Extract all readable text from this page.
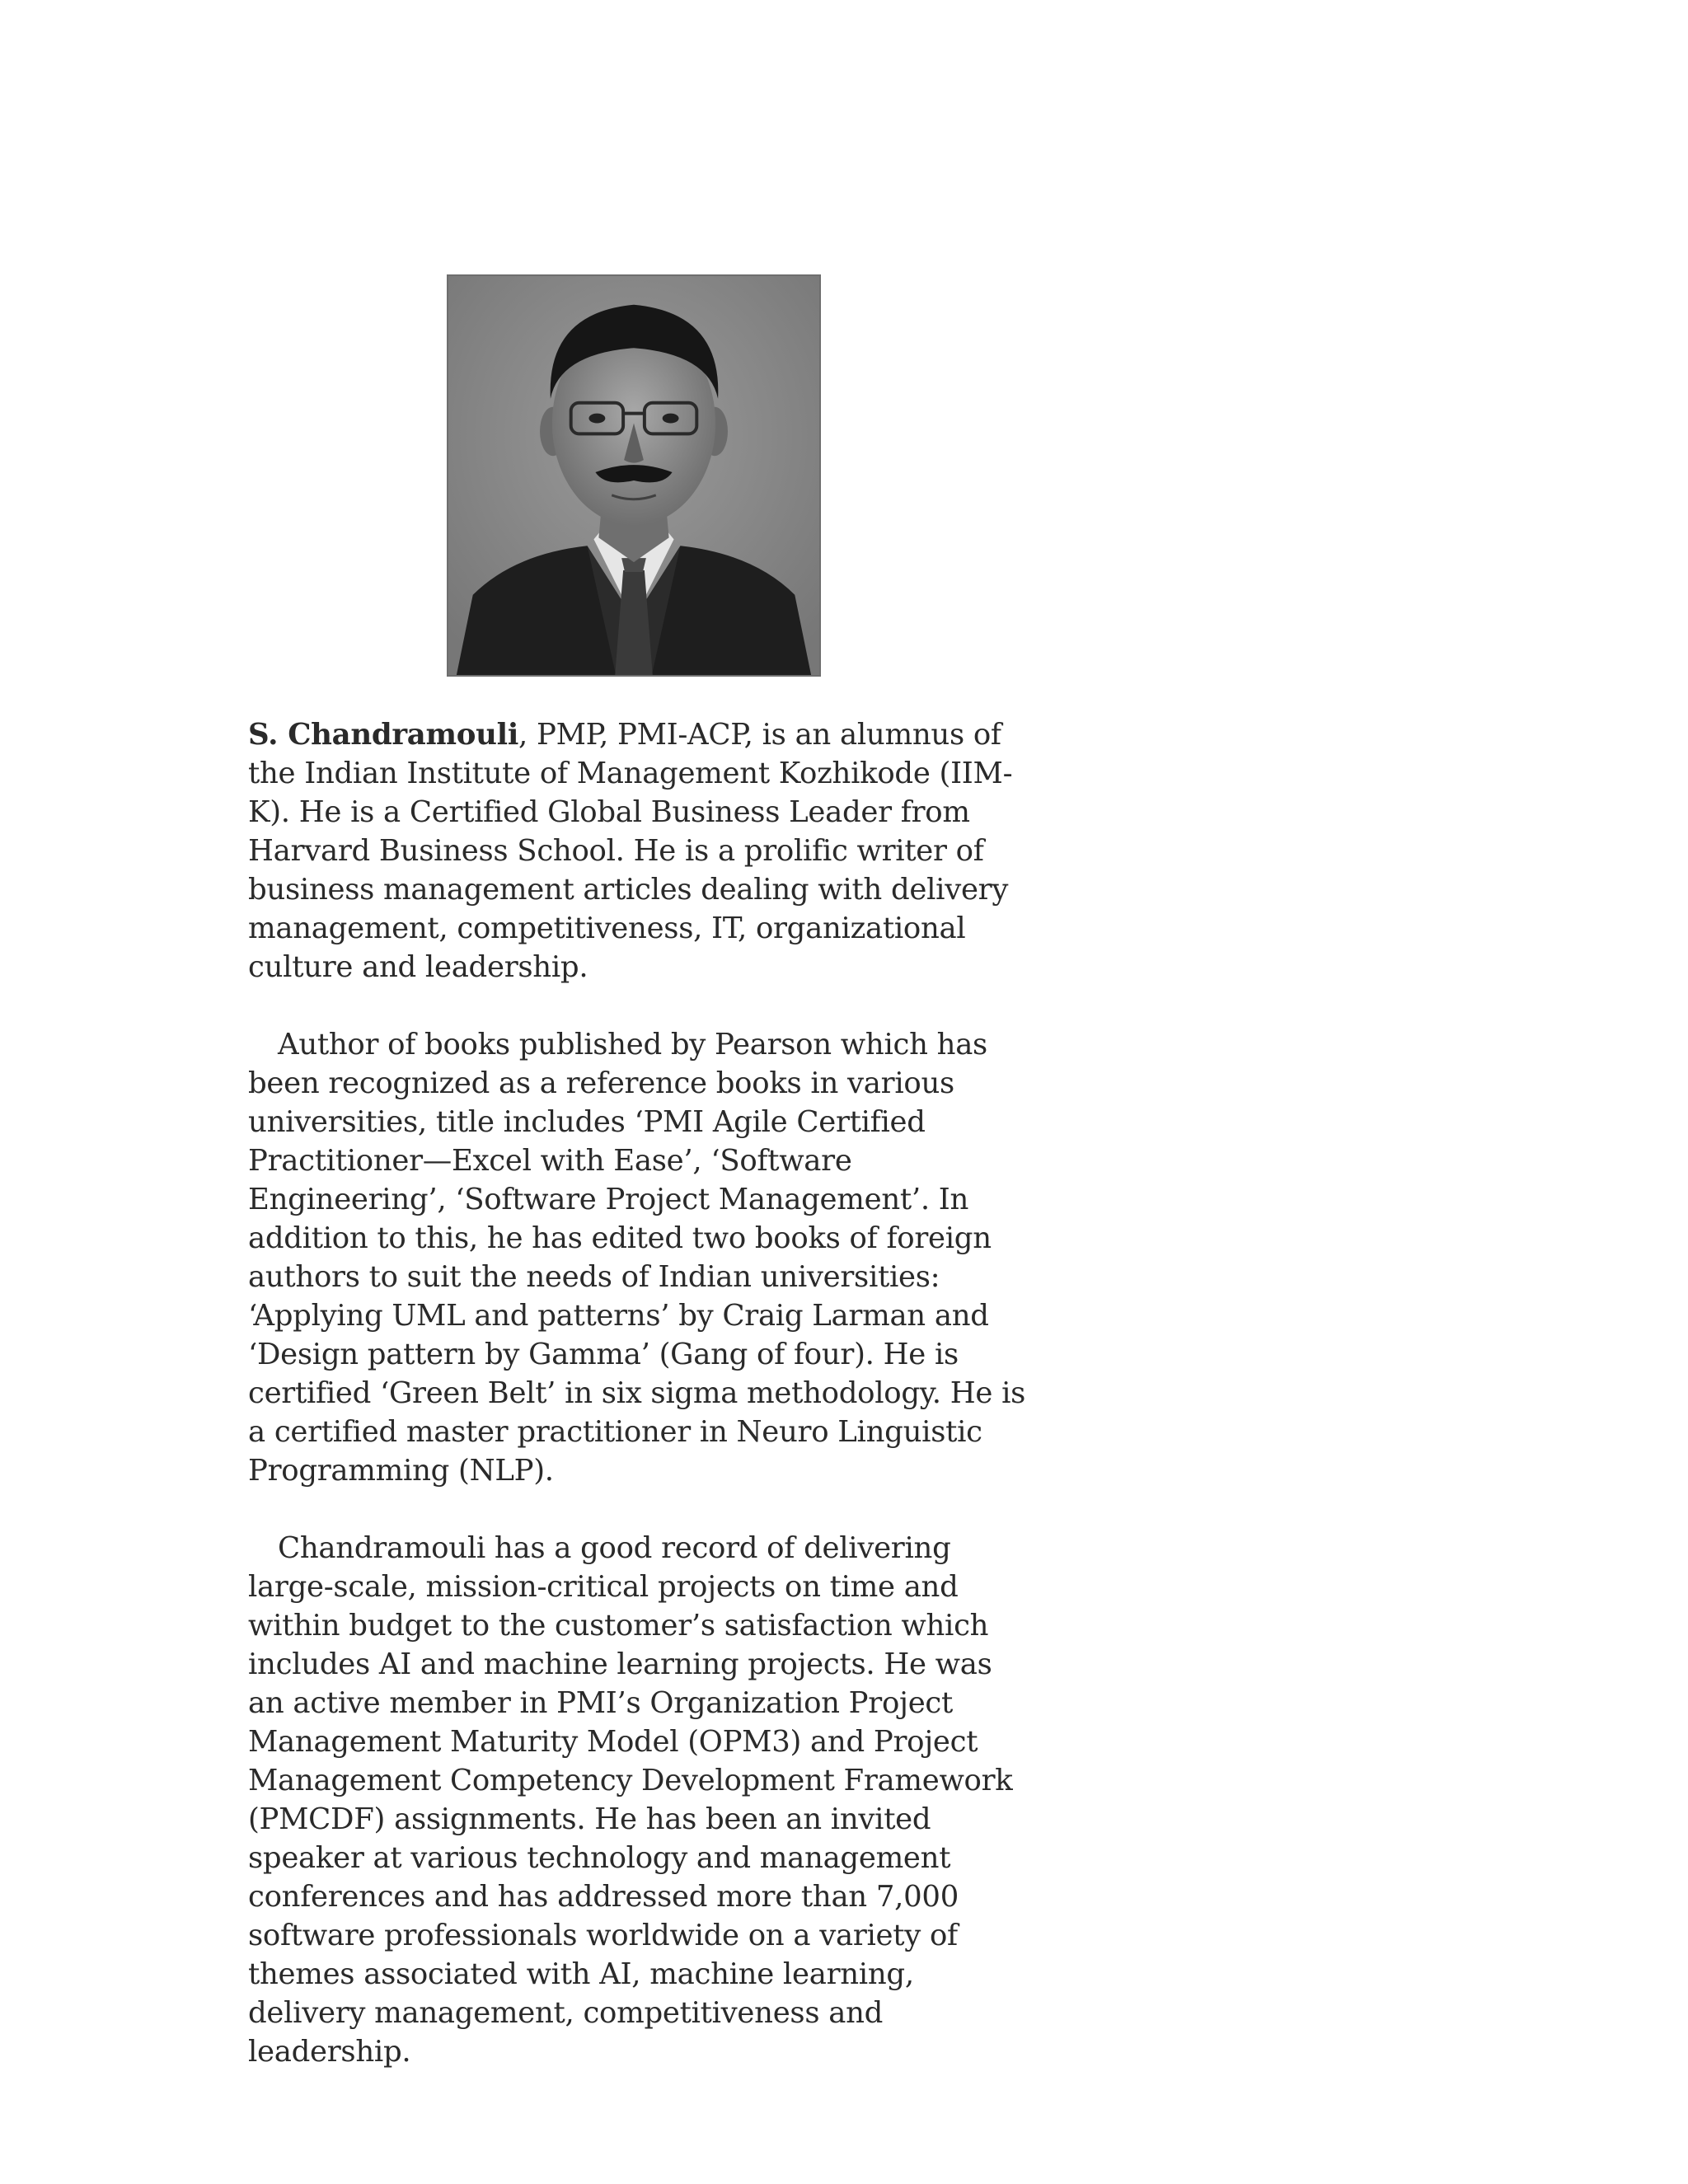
S. Chandramouli, PMP, PMI-ACP, is an alumnus of the Indian Institute of Management Kozhikode (IIM-K). He is a Certified Global Business Leader from Harvard Business School. He is a prolific writer of business management articles dealing with delivery management, competitiveness, IT, organizational culture and leadership.

Author of books published by Pearson which has been recognized as a reference books in various universities, title includes ‘PMI Agile Certified Practitioner—Excel with Ease’, ‘Software Engineering’, ‘Software Project Management’. In addition to this, he has edited two books of foreign authors to suit the needs of Indian universities: ‘Applying UML and patterns’ by Craig Larman and ‘Design pattern by Gamma’ (Gang of four). He is certified ‘Green Belt’ in six sigma methodology. He is a certified master practitioner in Neuro Linguistic Programming (NLP).

Chandramouli has a good record of delivering large-scale, mission-critical projects on time and within budget to the customer’s satisfaction which includes AI and machine learning projects. He was an active member in PMI’s Organization Project Management Maturity Model (OPM3) and Project Management Competency Development Framework (PMCDF) assignments. He has been an invited speaker at various technology and management conferences and has addressed more than 7,000 software professionals worldwide on a variety of themes associated with AI, machine learning, delivery management, competitiveness and leadership.
